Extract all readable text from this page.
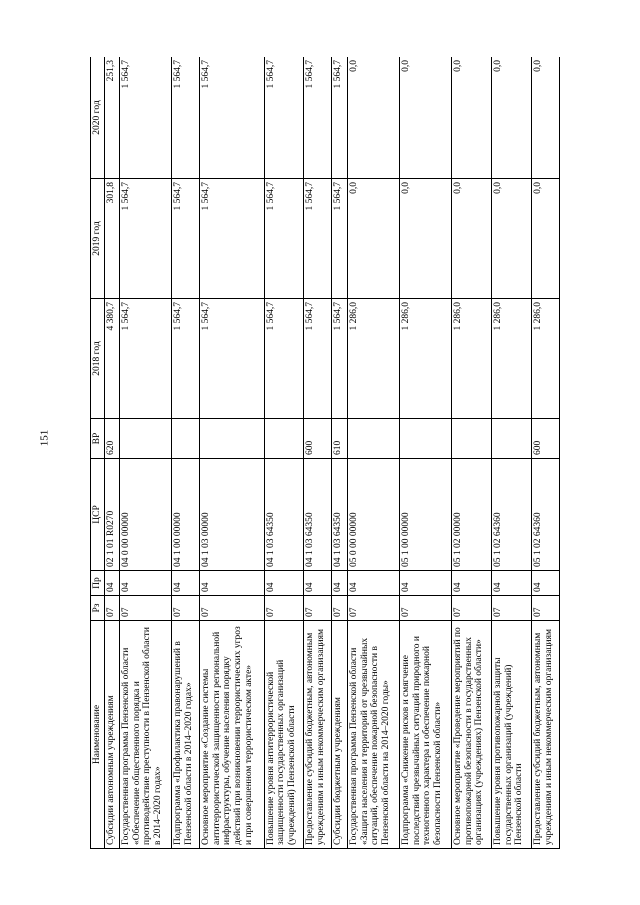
151
Наименование	Рз	Пр	ЦСР	ВР	2018 год	2019 год	2020 год
Субсидии автономным учреждениям	07	04	02 1 01 R0270	620	4 380,7	301,8	251,3
Государственная программа Пензенской области «Обеспечение общественного порядка и противодействие преступности в Пензенской области в 2014–2020 годах»	07	04	04 0 00 00000		1 564,7	1 564,7	1 564,7
Подпрограмма «Профилактика правонарушений в Пензенской области в 2014–2020 годах»	07	04	04 1 00 00000		1 564,7	1 564,7	1 564,7
Основное мероприятие «Создание системы антитеррористической защищенности региональной инфраструктуры, обучение населения порядку действий при возникновении террористических угроз и при совершенном террористическом акте»	07	04	04 1 03 00000		1 564,7	1 564,7	1 564,7
Повышение уровня антитеррористической защищенности государственных организаций (учреждений) Пензенской области	07	04	04 1 03 64350		1 564,7	1 564,7	1 564,7
Предоставление субсидий бюджетным, автономным учреждениям и иным некоммерческим организациям	07	04	04 1 03 64350	600	1 564,7	1 564,7	1 564,7
Субсидии бюджетным учреждениям	07	04	04 1 03 64350	610	1 564,7	1 564,7	1 564,7
Государственная программа Пензенской области «Защита населения и территорий от чрезвычайных ситуаций, обеспечение пожарной безопасности в Пензенской области на 2014–2020 годы»	07	04	05 0 00 00000		1 286,0	0,0	0,0
Подпрограмма «Снижение рисков и смягчение последствий чрезвычайных ситуаций природного и техногенного характера и обеспечение пожарной безопасности Пензенской области»	07	04	05 1 00 00000		1 286,0	0,0	0,0
Основное мероприятие «Проведение мероприятий по противопожарной безопасности в государственных организациях (учреждениях) Пензенской области»	07	04	05 1 02 00000		1 286,0	0,0	0,0
Повышение уровня противопожарной защиты государственных организаций (учреждений) Пензенской области	07	04	05 1 02 64360		1 286,0	0,0	0,0
Предоставление субсидий бюджетным, автономным учреждениям и иным некоммерческим организациям	07	04	05 1 02 64360	600	1 286,0	0,0	0,0
